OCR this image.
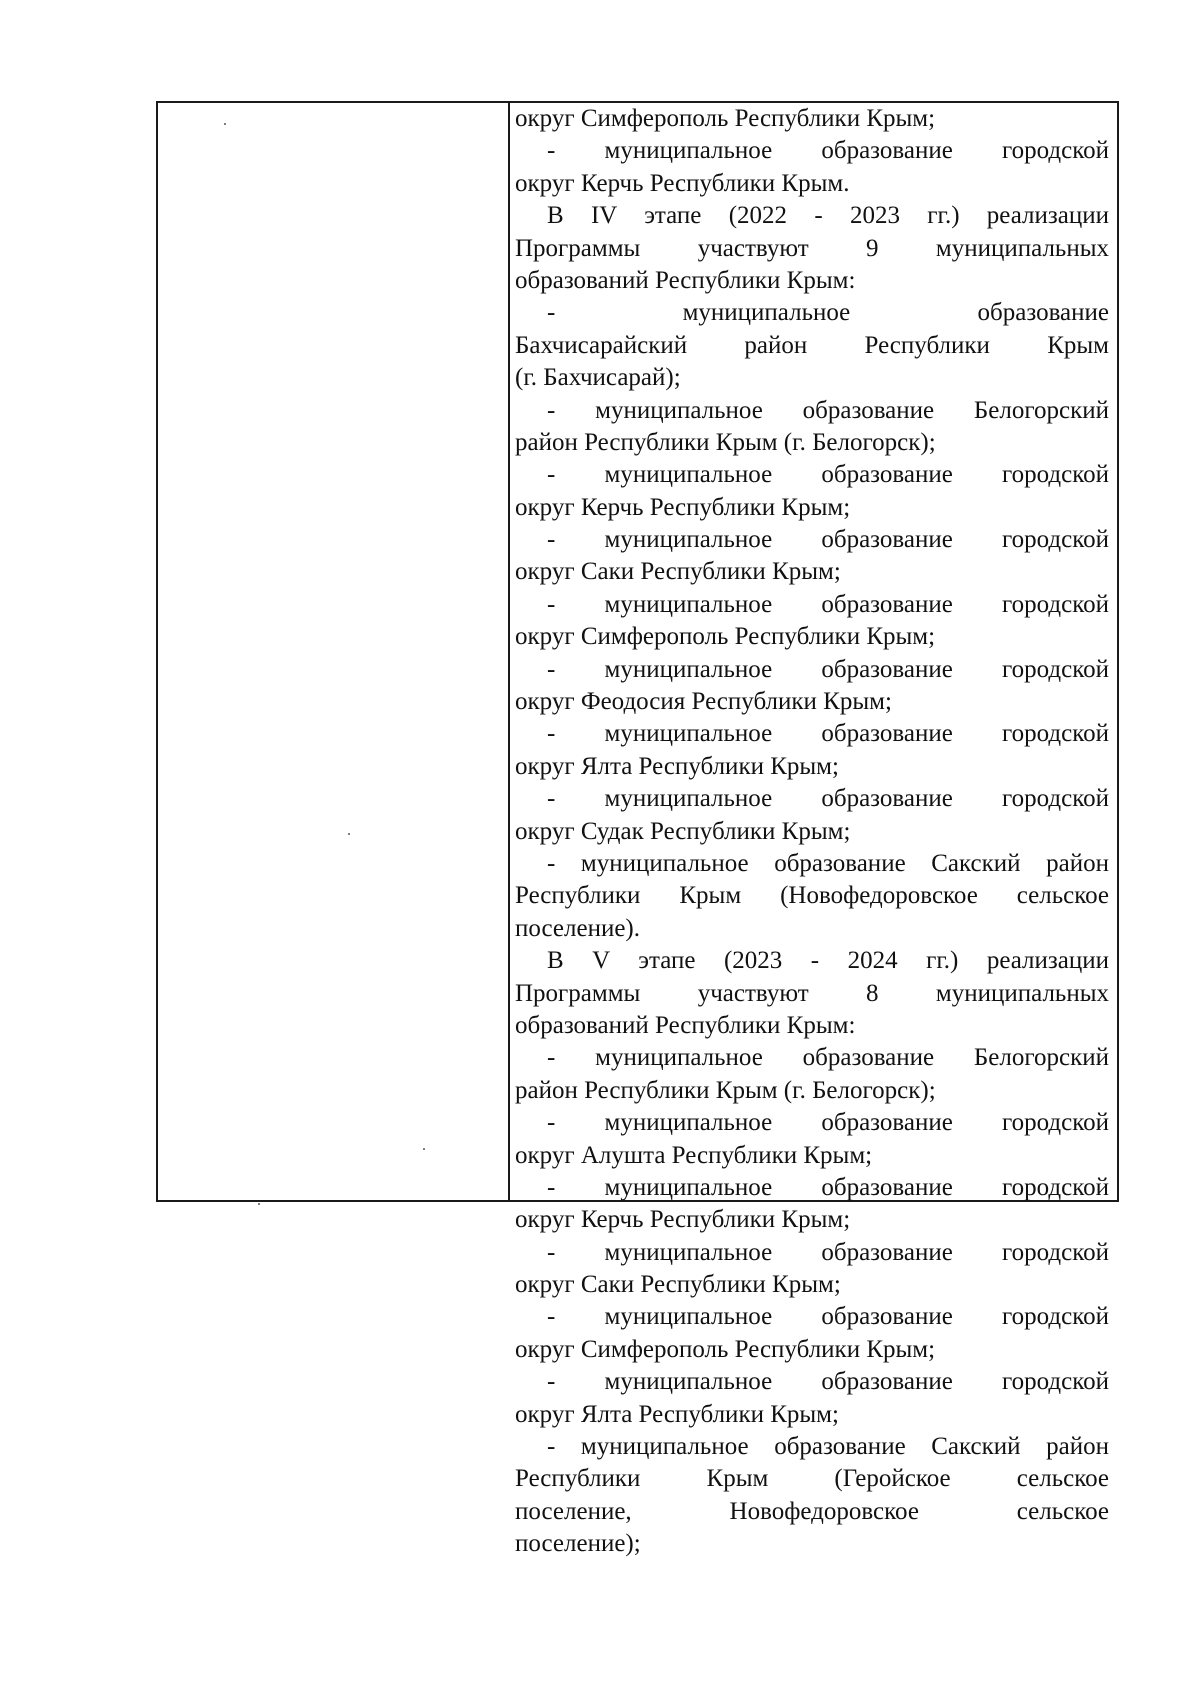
округ Симферополь Республики Крым;
- муниципальное образование городской
округ Керчь Республики Крым.
В IV этапе (2022 - 2023 гг.) реализации
Программы участвуют 9 муниципальных
образований Республики Крым:
- муниципальное образование
Бахчисарайский район Республики Крым
(г. Бахчисарай);
- муниципальное образование Белогорский
район Республики Крым (г. Белогорск);
- муниципальное образование городской
округ Керчь Республики Крым;
- муниципальное образование городской
округ Саки Республики Крым;
- муниципальное образование городской
округ Симферополь Республики Крым;
- муниципальное образование городской
округ Феодосия Республики Крым;
- муниципальное образование городской
округ Ялта Республики Крым;
- муниципальное образование городской
округ Судак Республики Крым;
- муниципальное образование Сакский район
Республики Крым (Новофедоровское сельское
поселение).
В V этапе (2023 - 2024 гг.) реализации
Программы участвуют 8 муниципальных
образований Республики Крым:
- муниципальное образование Белогорский
район Республики Крым (г. Белогорск);
- муниципальное образование городской
округ Алушта Республики Крым;
- муниципальное образование городской
округ Керчь Республики Крым;
- муниципальное образование городской
округ Саки Республики Крым;
- муниципальное образование городской
округ Симферополь Республики Крым;
- муниципальное образование городской
округ Ялта Республики Крым;
- муниципальное образование Сакский район
Республики Крым (Геройское сельское
поселение, Новофедоровское сельское
поселение);
